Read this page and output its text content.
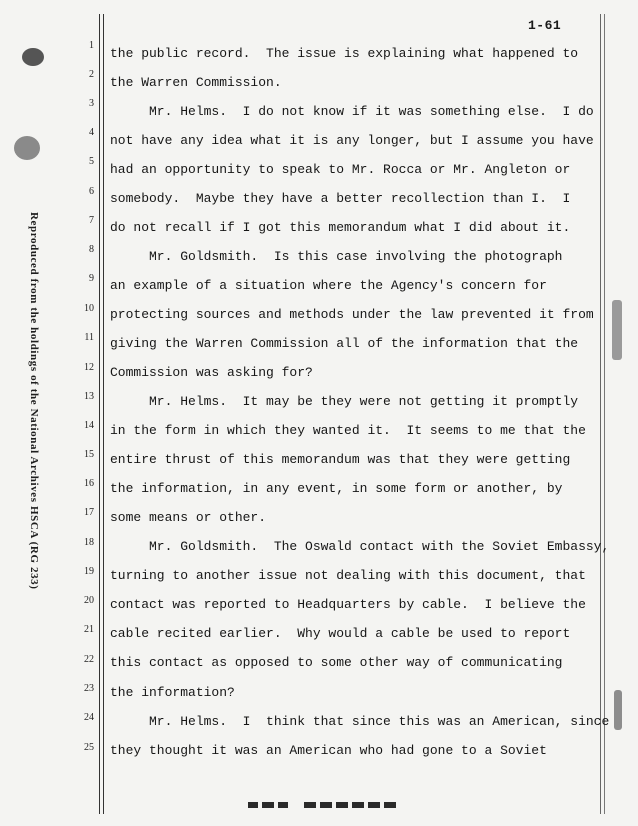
1-61
Reproduced from the holdings of the National Archives HSCA (RG 233)
1
2
3
4
5
6
7
8
9
10
11
12
13
14
15
16
17
18
19
20
21
22
23
24
25
the public record.  The issue is explaining what happened to
the Warren Commission.
Mr. Helms.  I do not know if it was something else.  I do
not have any idea what it is any longer, but I assume you have
had an opportunity to speak to Mr. Rocca or Mr. Angleton or
somebody.  Maybe they have a better recollection than I.  I
do not recall if I got this memorandum what I did about it.
Mr. Goldsmith.  Is this case involving the photograph
an example of a situation where the Agency's concern for
protecting sources and methods under the law prevented it from
giving the Warren Commission all of the information that the
Commission was asking for?
Mr. Helms.  It may be they were not getting it promptly
in the form in which they wanted it.  It seems to me that the
entire thrust of this memorandum was that they were getting
the information, in any event, in some form or another, by
some means or other.
Mr. Goldsmith.  The Oswald contact with the Soviet Embassy,
turning to another issue not dealing with this document, that
contact was reported to Headquarters by cable.  I believe the
cable recited earlier.  Why would a cable be used to report
this contact as opposed to some other way of communicating
the information?
Mr. Helms.  I  think that since this was an American, since
they thought it was an American who had gone to a Soviet
